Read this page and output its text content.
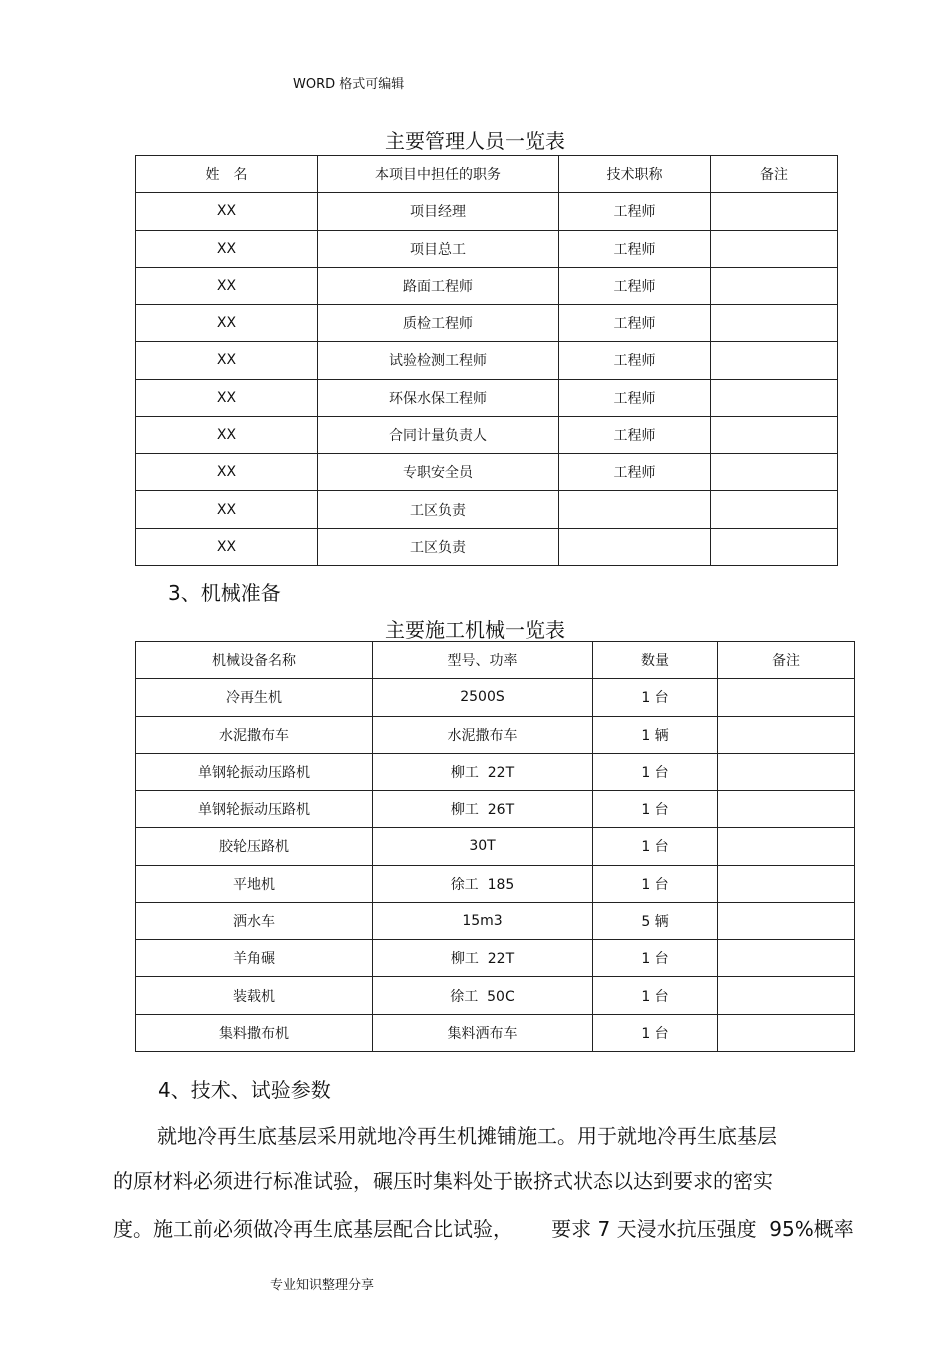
WORD 格式可编辑
主要管理人员一览表
姓　名	本项目中担任的职务	技术职称	备注
XX	项目经理	工程师	
XX	项目总工	工程师	
XX	路面工程师	工程师	
XX	质检工程师	工程师	
XX	试验检测工程师	工程师	
XX	环保水保工程师	工程师	
XX	合同计量负责人	工程师	
XX	专职安全员	工程师	
XX	工区负责		
XX	工区负责		
3、机械准备
主要施工机械一览表
机械设备名称	型号、功率	数量	备注
冷再生机	2500S	1 台	
水泥撒布车	水泥撒布车	1 辆	
单钢轮振动压路机	柳工  22T	1 台	
单钢轮振动压路机	柳工  26T	1 台	
胶轮压路机	30T	1 台	
平地机	徐工  185	1 台	
洒水车	15m3	5 辆	
羊角碾	柳工  22T	1 台	
装载机	徐工  50C	1 台	
集料撒布机	集料洒布车	1 台	
4、技术、试验参数
就地冷再生底基层采用就地冷再生机摊铺施工。用于就地冷再生底基层
的原材料必须进行标准试验，碾压时集料处于嵌挤式状态以达到要求的密实
度。施工前必须做冷再生底基层配合比试验，      要求 7 天浸水抗压强度  95%概率
专业知识整理分享
